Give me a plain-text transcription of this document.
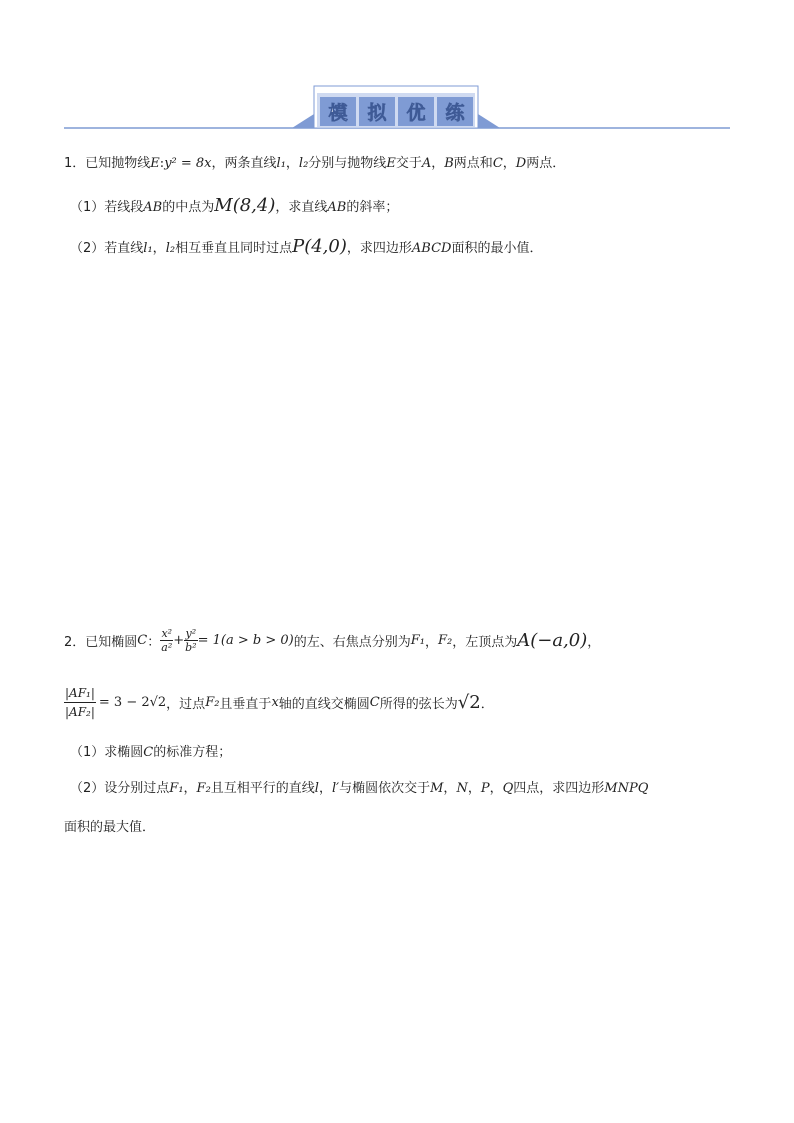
模 拟 优 练
1．已知抛物线E:y² = 8x，两条直线l₁，l₂分别与抛物线E交于A，B两点和C，D两点．
（1）若线段AB的中点为M(8,4)，求直线AB的斜率；
（2）若直线l₁，l₂相互垂直且同时过点P(4,0)，求四边形ABCD面积的最小值．
2． 已知椭圆 C ： $\frac{\text{x²}}{\text{a²}} + \frac{\text{y²}}{\text{b²}} = 1(a > b > 0)$ 的左、右焦点分别为 F₁ ， F₂ ，左顶点为 A(−a,0) ，
$\frac{\text{|AF₁|}}{\text{|AF₂|}} = 3 - 2√2$ ，过点 F₂ 且垂直于 x 轴的直线交椭圆 C 所得的弦长为 √2 ．
（1）求椭圆C的标准方程；
（2）设分别过点F₁，F₂且互相平行的直线l，l′与椭圆依次交于M，N，P，Q四点，求四边形MNPQ
面积的最大值．
